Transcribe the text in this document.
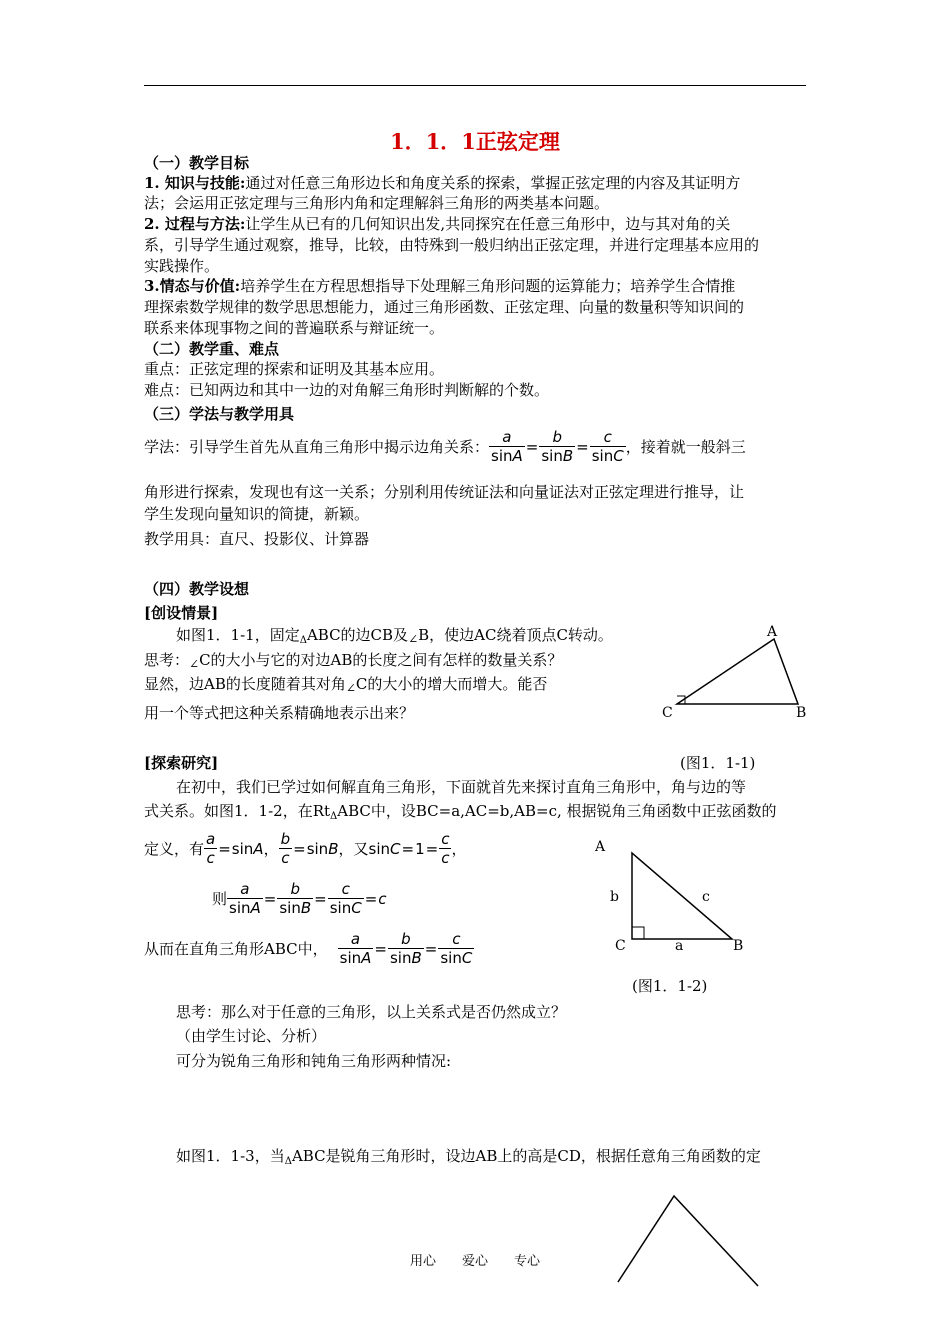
1．1．1正弦定理
（一）教学目标
1. 知识与技能:通过对任意三角形边长和角度关系的探索，掌握正弦定理的内容及其证明方
法；会运用正弦定理与三角形内角和定理解斜三角形的两类基本问题。
2. 过程与方法:让学生从已有的几何知识出发,共同探究在任意三角形中，边与其对角的关
系，引导学生通过观察，推导，比较，由特殊到一般归纳出正弦定理，并进行定理基本应用的
实践操作。
3.情态与价值:培养学生在方程思想指导下处理解三角形问题的运算能力；培养学生合情推
理探索数学规律的数学思思想能力，通过三角形函数、正弦定理、向量的数量积等知识间的
联系来体现事物之间的普遍联系与辩证统一。
（二）教学重、难点
重点：正弦定理的探索和证明及其基本应用。
难点：已知两边和其中一边的对角解三角形时判断解的个数。
（三）学法与教学用具
学法：引导学生首先从直角三角形中揭示边角关系： $\frac{a}{\sin A} = \frac{b}{\sin B} = \frac{c}{\sin C}$ ，接着就一般斜三
角形进行探索，发现也有这一关系；分别利用传统证法和向量证法对正弦定理进行推导，让
学生发现向量知识的简捷，新颖。
教学用具：直尺、投影仪、计算器
（四）教学设想
[创设情景]
如图1．1-1，固定ΔABC的边CB及∠B，使边AC绕着顶点C转动。
思考：∠C的大小与它的对边AB的长度之间有怎样的数量关系？
显然，边AB的长度随着其对角∠C的大小的增大而增大。能否
用一个等式把这种关系精确地表示出来？
A
C	B
[探索研究]	(图1．1-1)
在初中，我们已学过如何解直角三角形，下面就首先来探讨直角三角形中，角与边的等
式关系。如图1．1-2，在RtΔABC中，设BC=a,AC=b,AB=c, 根据锐角三角函数中正弦函数的
定义，有 $\frac{a}{c} = \sin A$ ， $\frac{b}{c} = \sin B$ ，又 $\sin C = 1 = \frac{c}{c}$ ，
则 $\frac{a}{\sin A} = \frac{b}{\sin B} = \frac{c}{\sin C} = c$
从而在直角三角形ABC中， $\frac{a}{\sin A} = \frac{b}{\sin B} = \frac{c}{\sin C}$
A
C	B
b	c
a
(图1．1-2)
思考：那么对于任意的三角形，以上关系式是否仍然成立？
（由学生讨论、分析）
可分为锐角三角形和钝角三角形两种情况:
如图1．1-3，当ΔABC是锐角三角形时，设边AB上的高是CD，根据任意角三角函数的定
用心　　爱心　　专心
